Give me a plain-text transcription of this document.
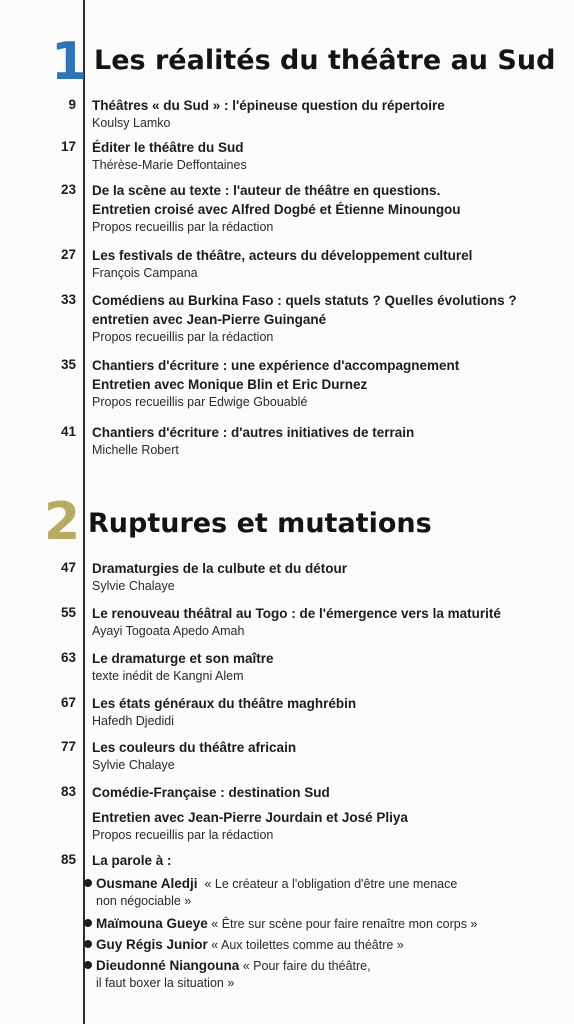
1 Les réalités du théâtre au Sud
9 Théâtres « du Sud » : l'épineuse question du répertoire
Koulsy Lamko
17 Éditer le théâtre du Sud
Thérèse-Marie Deffontaines
23 De la scène au texte : l'auteur de théâtre en questions.
Entretien croisé avec Alfred Dogbé et Étienne Minoungou
Propos recueillis par la rédaction
27 Les festivals de théâtre, acteurs du développement culturel
François Campana
33 Comédiens au Burkina Faso : quels statuts ? Quelles évolutions ?
entretien avec Jean-Pierre Guingané
Propos recueillis par la rédaction
35 Chantiers d'écriture : une expérience d'accompagnement
Entretien avec Monique Blin et Eric Durnez
Propos recueillis par Edwige Gbouablé
41 Chantiers d'écriture : d'autres initiatives de terrain
Michelle Robert
2 Ruptures et mutations
47 Dramaturgies de la culbute et du détour
Sylvie Chalaye
55 Le renouveau théâtral au Togo : de l'émergence vers la maturité
Ayayi Togoata Apedo Amah
63 Le dramaturge et son maître
texte inédit de Kangni Alem
67 Les états généraux du théâtre maghrébin
Hafedh Djedidi
77 Les couleurs du théâtre africain
Sylvie Chalaye
83 Comédie-Française : destination Sud
Entretien avec Jean-Pierre Jourdain et José Pliya
Propos recueillis par la rédaction
85 La parole à :
Ousmane Aledji « Le créateur a l'obligation d'être une menace
non négociable »
Maïmouna Gueye « Être sur scène pour faire renaître mon corps »
Guy Régis Junior « Aux toilettes comme au théâtre »
Dieudonné Niangouna « Pour faire du théâtre,
il faut boxer la situation »
